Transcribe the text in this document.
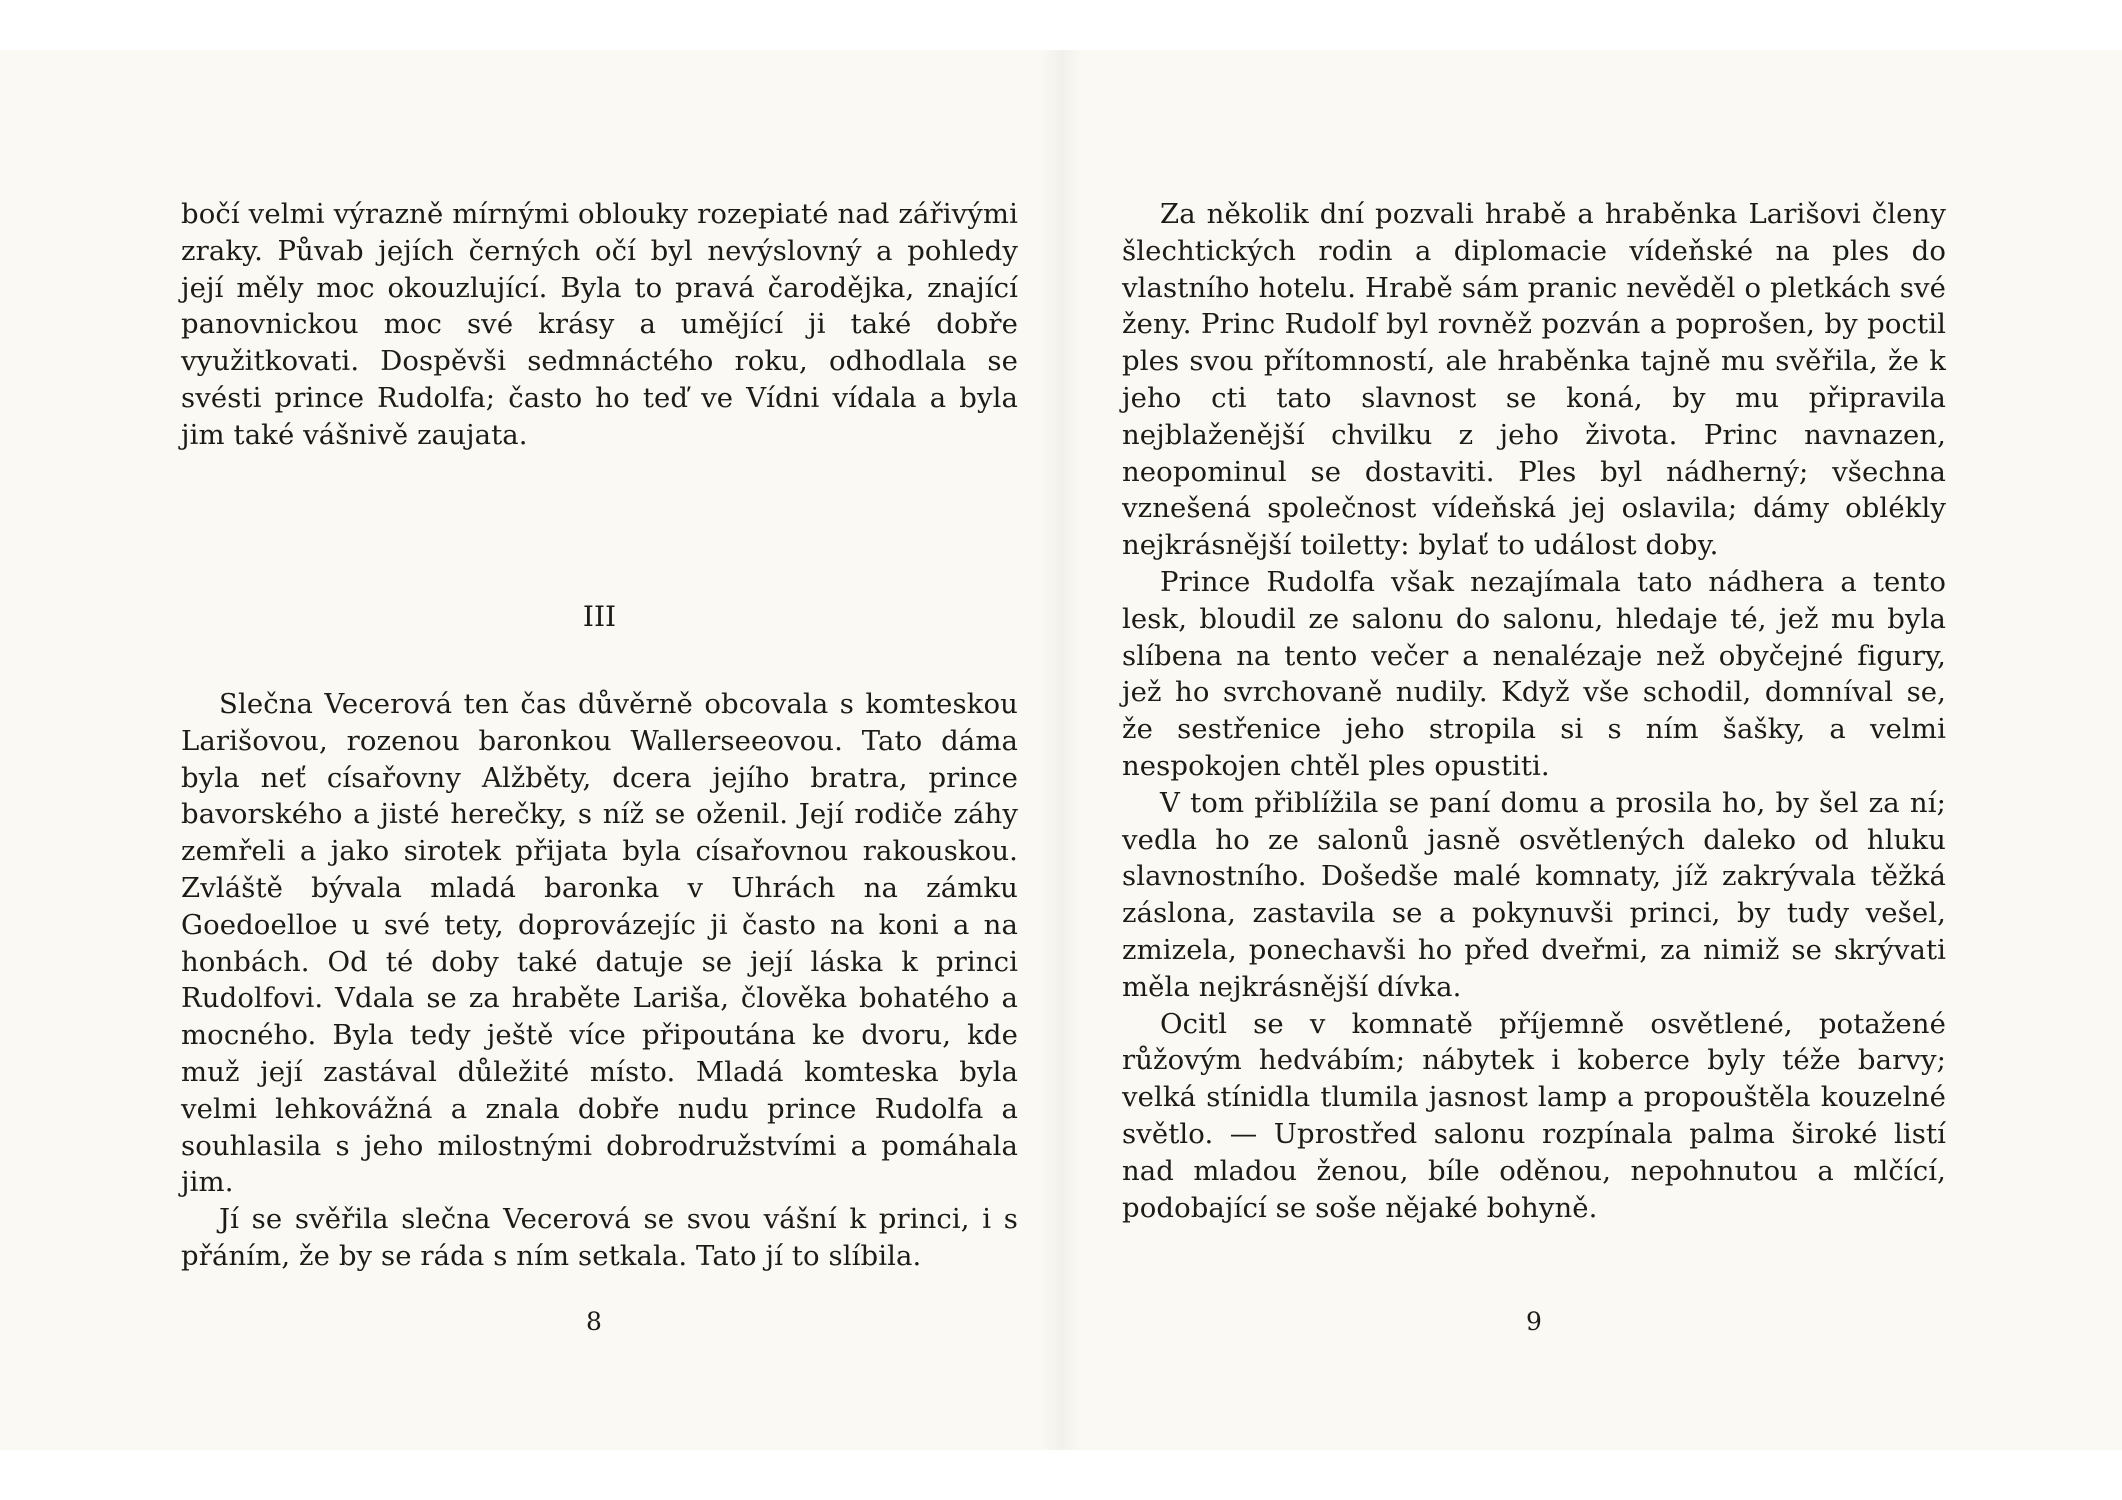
bočí velmi výrazně mírnými oblouky rozepiaté nad zářivými zraky. Půvab jejích černých očí byl nevýslovný a pohledy její měly moc okouzlující. Byla to pravá čarodějka, znající panovnickou moc své krásy a umějící ji také dobře využitkovati. Dospěvši sedmnáctého roku, odhodlala se svésti prince Rudolfa; často ho teď ve Vídni vídala a byla jim také vášnivě zaujata.

III

Slečna Vecerová ten čas důvěrně obcovala s komteskou Larišovou, rozenou baronkou Wallerseeovou. Tato dáma byla neť císařovny Alžběty, dcera jejího bratra, prince bavorského a jisté herečky, s níž se oženil. Její rodiče záhy zemřeli a jako sirotek přijata byla císařovnou rakouskou. Zvláště bývala mladá baronka v Uhrách na zámku Goedoelloe u své tety, doprovázejíc ji často na koni a na honbách. Od té doby také datuje se její láska k princi Rudolfovi. Vdala se za hraběte Lariša, člověka bohatého a mocného. Byla tedy ještě více připoutána ke dvoru, kde muž její zastával důležité místo. Mladá komteska byla velmi lehkovážná a znala dobře nudu prince Rudolfa a souhlasila s jeho milostnými dobrodružstvími a pomáhala jim.

Jí se svěřila slečna Vecerová se svou vášní k princi, i s přáním, že by se ráda s ním setkala. Tato jí to slíbila.

8

Za několik dní pozvali hrabě a hraběnka Larišovi členy šlechtických rodin a diplomacie vídeňské na ples do vlastního hotelu. Hrabě sám pranic nevěděl o pletkách své ženy. Princ Rudolf byl rovněž pozván a poprošen, by poctil ples svou přítomností, ale hraběnka tajně mu svěřila, že k jeho cti tato slavnost se koná, by mu připravila nejblaženější chvilku z jeho života. Princ navnazen, neopominul se dostaviti. Ples byl nádherný; všechna vznešená společnost vídeňská jej oslavila; dámy oblékly nejkrásnější toiletty: bylať to událost doby.

Prince Rudolfa však nezajímala tato nádhera a tento lesk, bloudil ze salonu do salonu, hledaje té, jež mu byla slíbena na tento večer a nenalézaje než obyčejné figury, jež ho svrchovaně nudily. Když vše schodil, domníval se, že sestřenice jeho stropila si s ním šašky, a velmi nespokojen chtěl ples opustiti.

V tom přiblížila se paní domu a prosila ho, by šel za ní; vedla ho ze salonů jasně osvětlených daleko od hluku slavnostního. Došedše malé komnaty, jíž zakrývala těžká záslona, zastavila se a pokynuvši princi, by tudy vešel, zmizela, ponechavši ho před dveřmi, za nimiž se skrývati měla nejkrásnější dívka.

Ocitl se v komnatě příjemně osvětlené, potažené růžovým hedvábím; nábytek i koberce byly téže barvy; velká stínidla tlumila jasnost lamp a propouštěla kouzelné světlo. — Uprostřed salonu rozpínala palma široké listí nad mladou ženou, bíle oděnou, nepohnutou a mlčící, podobající se soše nějaké bohyně.

9
